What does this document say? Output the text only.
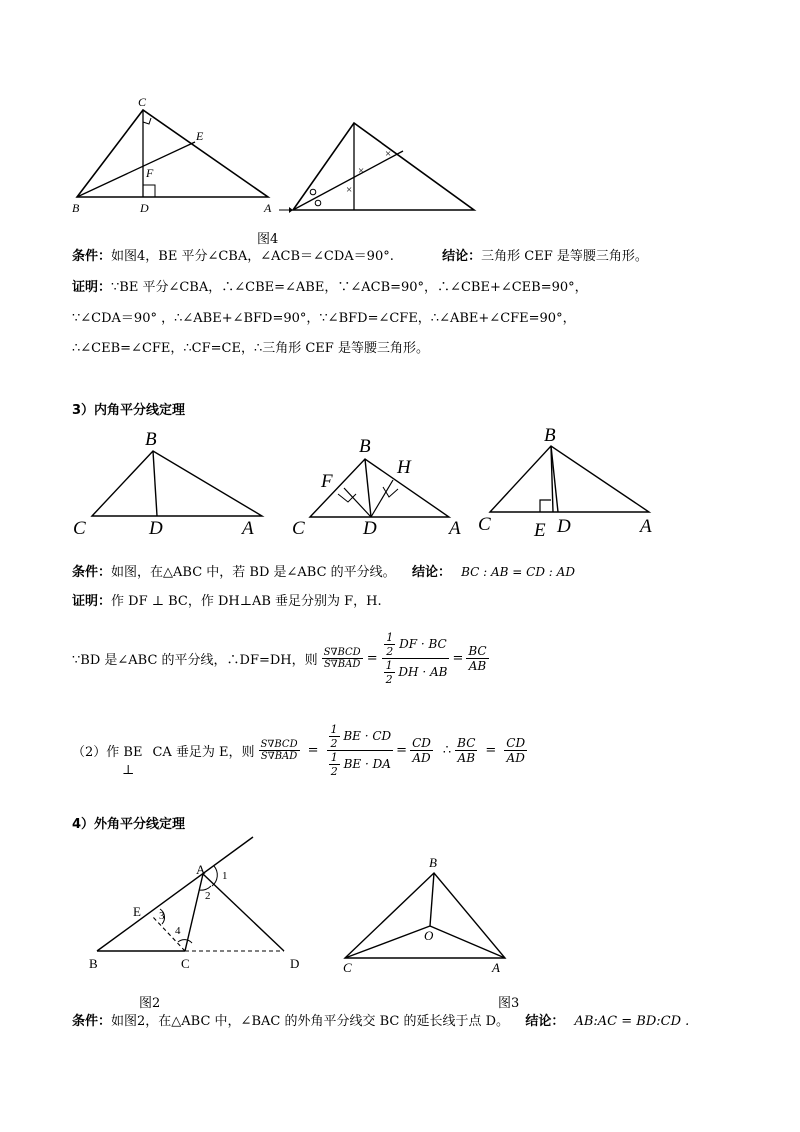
C
E
F
B	D	A
×
×
×
图4
条件：如图4，BE 平分∠CBA，∠ACB＝∠CDA＝90°.	结论：三角形 CEF 是等腰三角形。
证明：∵BE 平分∠CBA，∴∠CBE=∠ABE，∵∠ACB=90°，∴∠CBE+∠CEB=90°，
∵∠CDA＝90° ，∴∠ABE+∠BFD=90°，∵∠BFD=∠CFE，∴∠ABE+∠CFE=90°，
∴∠CEB=∠CFE，∴CF=CE，∴三角形 CEF 是等腰三角形。
3）内角平分线定理
B
C	D	A
B
F
H
C	D	A
B
C E D	A
条件：如图，在△ABC 中，若 BD 是∠ABC 的平分线。 结论： BC : AB = CD : AD
证明：作 DF ⊥ BC，作 DH⊥AB 垂足分别为 F，H.
∵BD 是∠ABC 的平分线，∴DF=DH，则 $\frac{\text{S∇BCD}}{\text{S∇BAD}} = \frac{\frac{1}{2} DF \cdot BC}{\frac{1}{2} DH \cdot AB} = \frac{BC}{AB}$
（2）作 BE
⊥
CA 垂足为 E，则 $\frac{\text{S∇BCD}}{\text{S∇BAD}} = \frac{\frac{1}{2} BE \cdot CD}{\frac{1}{2} BE \cdot DA} = \frac{CD}{AD}$ ∴ $\frac{BC}{AB} = \frac{CD}{AD}$
4）外角平分线定理
A 1
2
E 3
4
B	C	D
B
O
C	A
图2	图3
条件：如图2，在△ABC 中，∠BAC 的外角平分线交 BC 的延长线于点 D。 结论： AB:AC = BD:CD .
